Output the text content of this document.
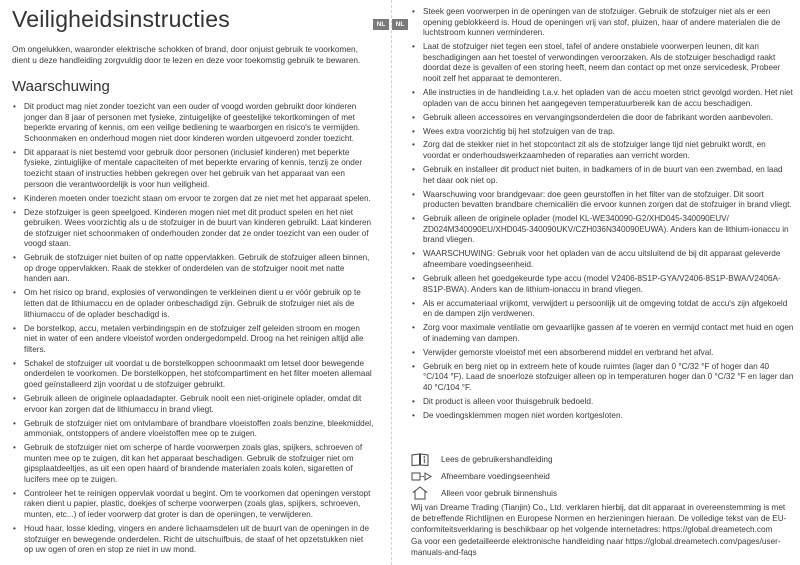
Veiligheidsinstructies

Om ongelukken, waaronder elektrische schokken of brand, door onjuist gebruik te voorkomen, dient u deze handleiding zorgvuldig door te lezen en deze voor toekomstig gebruik te bewaren.

Waarschuwing
• Dit product mag niet zonder toezicht van een ouder of voogd worden gebruikt door kinderen jonger dan 8 jaar of personen met fysieke, zintuigelijke of geestelijke tekortkomingen of met beperkte ervaring of kennis, om een veilige bediening te waarborgen en risico's te vermijden. Schoonmaken en onderhoud mogen niet door kinderen worden uitgevoerd zonder toezicht.
• Dit apparaat is niet bestemd voor gebruik door personen (inclusief kinderen) met beperkte fysieke, zintuiglijke of mentale capaciteiten of met beperkte ervaring of kennis, tenzij ze onder toezicht staan of instructies hebben gekregen over het gebruik van het apparaat van een persoon die verantwoordelijk is voor hun veiligheid.
• Kinderen moeten onder toezicht staan om ervoor te zorgen dat ze niet met het apparaat spelen.
• Deze stofzuiger is geen speelgoed. Kinderen mogen niet met dit product spelen en het niet gebruiken. Wees voorzichtig als u de stofzuiger in de buurt van kinderen gebruikt. Laat kinderen de stofzuiger niet schoonmaken of onderhouden zonder dat ze onder toezicht van een ouder of voogd staan.
• Gebruik de stofzuiger niet buiten of op natte oppervlakken. Gebruik de stofzuiger alleen binnen, op droge oppervlakken. Raak de stekker of onderdelen van de stofzuiger nooit met natte handen aan.
• Om het risico op brand, explosies of verwondingen te verkleinen dient u er vóór gebruik op te letten dat de lithiumaccu en de oplader onbeschadigd zijn. Gebruik de stofzuiger niet als de lithiumaccu of de oplader beschadigd is.
• De borstelkop, accu, metalen verbindingspin en de stofzuiger zelf geleiden stroom en mogen niet in water of een andere vloeistof worden ondergedompeld. Droog na het reinigen altijd alle filters.
• Schakel de stofzuiger uit voordat u de borstelkoppen schoonmaakt om letsel door bewegende onderdelen te voorkomen. De borstelkoppen, het stofcompartiment en het filter moeten allemaal goed geïnstalleerd zijn voordat u de stofzuiger gebruikt.
• Gebruik alleen de originele oplaadadapter. Gebruik nooit een niet-originele oplader, omdat dit ervoor kan zorgen dat de lithiumaccu in brand vliegt.
• Gebruik de stofzuiger niet om ontvlambare of brandbare vloeistoffen zoals benzine, bleekmiddel, ammoniak, ontstoppers of andere vloeistoffen mee op te zuigen.
• Gebruik de stofzuiger niet om scherpe of harde voorwerpen zoals glas, spijkers, schroeven of munten mee op te zuigen, dit kan het apparaat beschadigen. Gebruik de stofzuiger niet om gipsplaatdeeltjes, as uit een open haard of brandende materialen zoals kolen, sigaretten of lucifers mee op te zuigen.
• Controleer het te reinigen oppervlak voordat u begint. Om te voorkomen dat openingen verstopt raken dient u papier, plastic, doekjes of scherpe voorwerpen (zoals glas, spijkers, schroeven, munten, etc...) of ieder voorwerp dat groter is dan de openingen, te verwijderen.
• Houd haar, losse kleding, vingers en andere lichaamsdelen uit de buurt van de openingen in de stofzuiger en bewegende onderdelen. Richt de uitschuifbuis, de staaf of het opzetstukken niet op uw ogen of oren en stop ze niet in uw mond.
NL	NL
• Steek geen voorwerpen in de openingen van de stofzuiger. Gebruik de stofzuiger niet als er een opening geblokkeerd is. Houd de openingen vrij van stof, pluizen, haar of andere materialen die de luchtstroom kunnen verminderen.
• Laat de stofzuiger niet tegen een stoel, tafel of andere onstabiele voorwerpen leunen, dit kan beschadigingen aan het toestel of verwondingen veroorzaken. Als de stofzuiger beschadigd raakt doordat deze is gevallen of een storing heeft, neem dan contact op met onze servicedesk. Probeer nooit zelf het apparaat te demonteren.
• Alle instructies in de handleiding t.a.v. het opladen van de accu moeten strict gevolgd worden. Het niet opladen van de accu binnen het aangegeven temperatuurbereik kan de accu beschadigen.
• Gebruik alleen accessoires en vervangingsonderdelen die door de fabrikant worden aanbevolen.
• Wees extra voorzichtig bij het stofzuigen van de trap.
• Zorg dat de stekker niet in het stopcontact zit als de stofzuiger lange tijd niet gebruikt wordt, en voordat er onderhoudswerkzaamheden of reparaties aan verricht worden.
• Gebruik en installeer dit product niet buiten, in badkamers of in de buurt van een zwembad, en laad het daar ook niet op.
• Waarschuwing voor brandgevaar: doe geen geurstoffen in het filter van de stofzuiger. Dit soort producten bevatten brandbare chemicaliën die ervoor kunnen zorgen dat de stofzuiger in brand vliegt.
• Gebruik alleen de originele oplader (model KL-WE340090-G2/XHD045-340090EUV/ ZD024M340090EU/XHD045-340090UKV/CZH036N340090EUWA). Anders kan de lithium-ionaccu in brand vliegen.
• WAARSCHUWING: Gebruik voor het opladen van de accu uitsluitend de bij dit apparaat geleverde afneembare voedingseenheid.
• Gebruik alleen het goedgekeurde type accu (model V2406-8S1P-GYA/V2406-8S1P-BWA/V2406A-8S1P-BWA). Anders kan de lithium-ionaccu in brand vliegen.
• Als er accumateriaal vrijkomt, verwijdert u persoonlijk uit de omgeving totdat de accu's zijn afgekoeld en de dampen zijn verdwenen.
• Zorg voor maximale ventilatie om gevaarlijke gassen af te voeren en vermijd contact met huid en ogen of inademing van dampen.
• Verwijder gemorste vloeistof met een absorberend middel en verbrand het afval.
• Gebruik en berg niet op in extreem hete of koude ruimtes (lager dan 0 °C/32 °F of hoger dan 40 °C/104 °F). Laad de snoerloze stofzuiger alleen op in temperaturen hoger dan 0 °C/32 °F en lager dan 40 °C/104 °F.
• Dit product is alleen voor thuisgebruik bedoeld.
• De voedingsklemmen mogen niet worden kortgesloten.
Lees de gebruikershandleiding
Afneembare voedingseenheid
Alleen voor gebruik binnenshuis

Wij van Dreame Trading (Tianjin) Co., Ltd. verklaren hierbij, dat dit apparaat in overeenstemming is met de betreffende Richtlijnen en Europese Normen en herzieningen hieraan. De volledige tekst van de EU-conformiteitsverklaring is beschikbaar op het volgende internetadres: https://global.dreametech.com

Ga voor een gedetailleerde elektronische handleiding naar https://global.dreametech.com/pages/user-manuals-and-faqs
